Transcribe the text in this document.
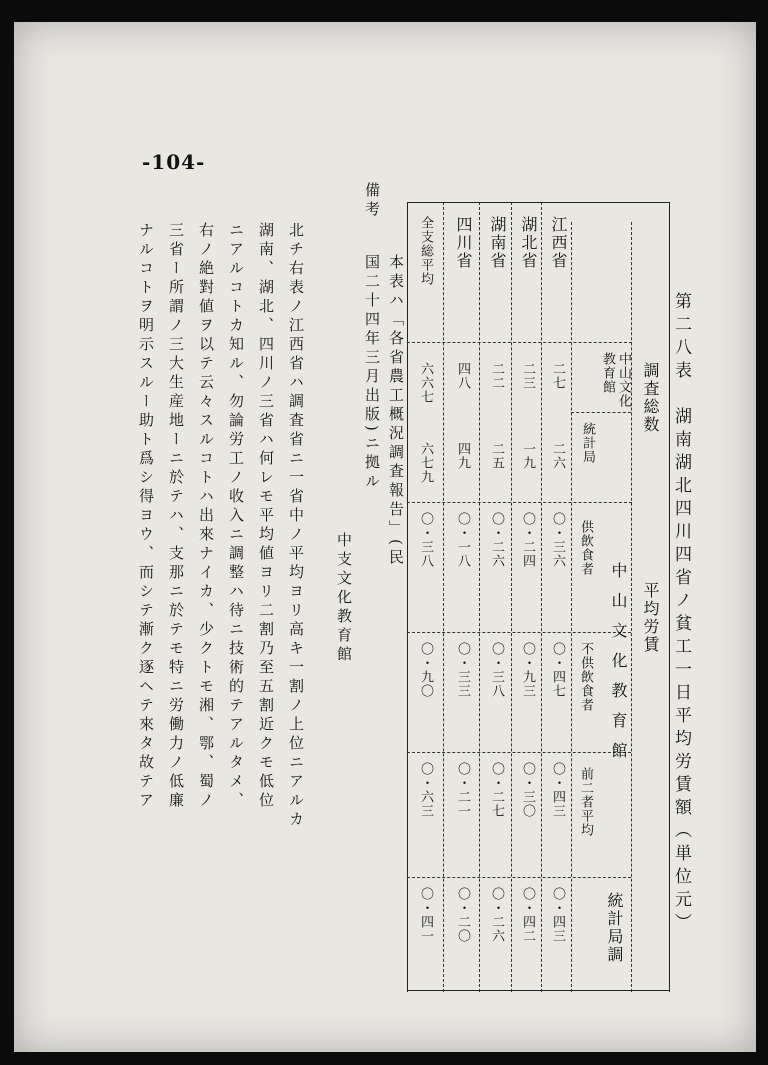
-104-
第二八表　湖南湖北四川四省ノ貧工一日平均労賃額（単位元）
調査総数
平均労賃
中山文化
教育館
統計局
中山文化教育館
供飲食者
不供飲食者
前二者平均
統計局調
江西省
二七
二六
〇・三六
〇・四七
〇・四三
〇・四三
湖北省
二三
一九
〇・二四
〇・九三
〇・三〇
〇・四二
湖南省
二二
二五
〇・二六
〇・三八
〇・二七
〇・二六
四川省
四八
四九
〇・一八
〇・三三
〇・二一
〇・二〇
全支総平均
六六七
六七九
〇・三八
〇・九〇
〇・六三
〇・四一
備考
本表ハ「各省農工概況調査報告」(民国二十四年三月出版)ニ拠ル
中支文化教育館
北チ右表ノ江西省ハ調査省ニ一省中ノ平均ヨリ高キ一割ノ上位ニアルカ
湖南、湖北、四川ノ三省ハ何レモ平均値ヨリ二割乃至五割近クモ低位
ニアルコトカ知ル、勿論労工ノ收入ニ調整ハ待ニ技術的テアルタメ、
右ノ絶對値ヲ以テ云々スルコトハ出來ナイカ、少クトモ湘、鄂、蜀ノ
三省ー所謂ノ三大生産地ーニ於テハ、支那ニ於テモ特ニ労働力ノ低廉
ナルコトヲ明示スルー助ト爲シ得ヨウ、而シテ漸ク逐ヘテ來タ故テア
